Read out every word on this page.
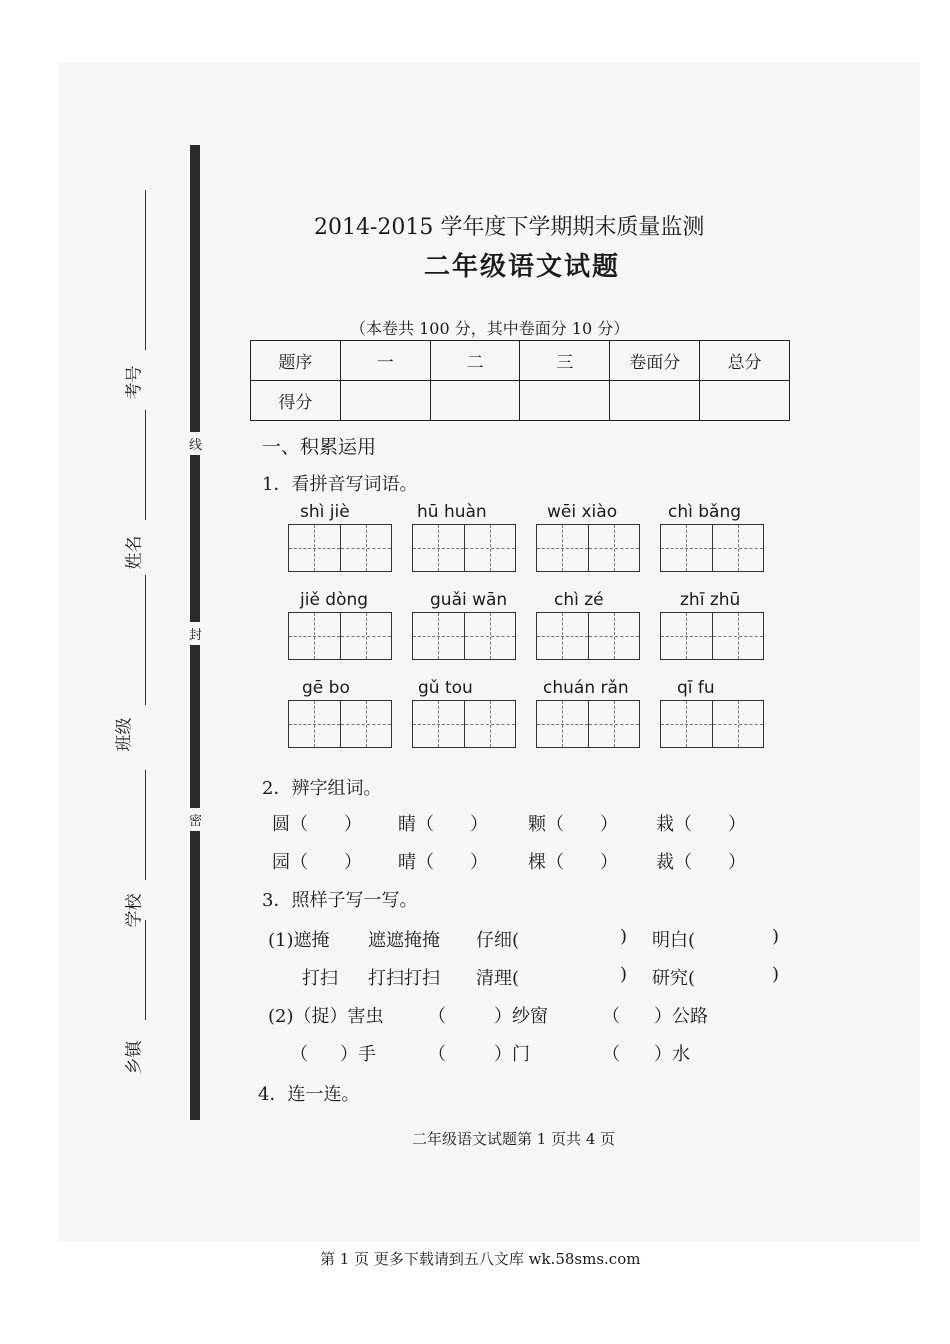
线
封
密
考号
姓名
班级
学校
乡镇
2014-2015 学年度下学期期末质量监测
二年级语文试题
（本卷共 100 分，其中卷面分 10 分）
题序	一	二	三	卷面分	总分
得分					
一、积累运用
1．看拼音写词语。
shì jiè	hū huàn	wēi xiào	chì bǎng
jiě dòng	guǎi wān	chì zé	zhī zhū
gē bo	gǔ tou	chuán rǎn	qī fu
2．辨字组词。
圆（　　） 睛（　　） 颗（　　） 栽（　　）
园（　　） 晴（　　） 棵（　　） 裁（　　）
3．照样子写一写。
(1)遮掩 遮遮掩掩 仔细(	) 明白(	)
打扫 打扫打扫 清理(	) 研究(	)
(2)（捉）害虫 （	）纱窗	（ ）公路
（ ）手	（	）门	（ ）水
4．连一连。
二年级语文试题第 1 页共 4 页
第 1 页 更多下载请到五八文库 wk.58sms.com
